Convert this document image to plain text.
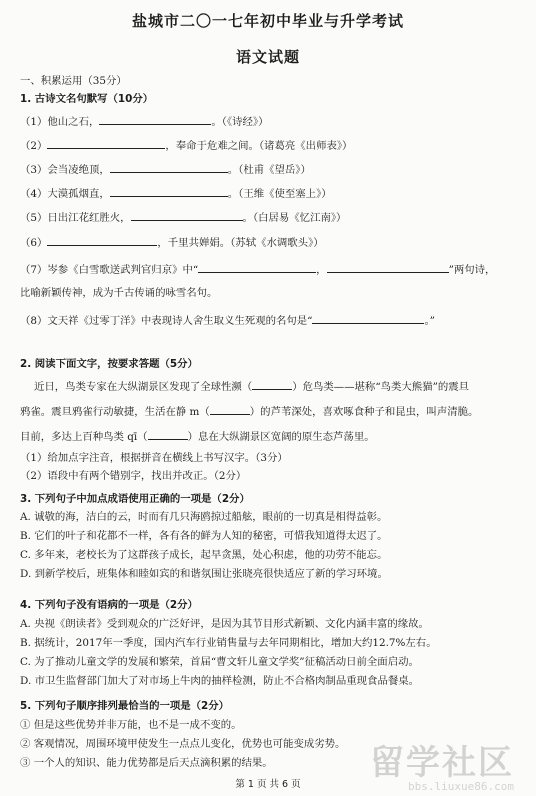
盐城市二〇一七年初中毕业与升学考试
语文试题
一、积累运用（35分）
1. 古诗文名句默写（10分）
（1）他山之石，	。（《诗经》）
（2）	，奉命于危难之间。（诸葛亮《出师表》）
（3）会当凌绝顶，	。（杜甫《望岳》）
（4）大漠孤烟直，	。（王维《使至塞上》）
（5）日出江花红胜火，	。（白居易《忆江南》）
（6）	，千里共婵娟。（苏轼《水调歌头》）
（7）岑参《白雪歌送武判官归京》中“	，	”两句诗，
比喻新颖传神，成为千古传诵的咏雪名句。
（8）文天祥《过零丁洋》中表现诗人舍生取义生死观的名句是“	。”
2. 阅读下面文字，按要求答题（5分）
近日，鸟类专家在大纵湖景区发现了全球性濒（	）危鸟类——堪称“鸟类大熊猫”的震旦
鸦雀。震旦鸦雀行动敏捷，生活在静 m（	）的芦苇深处，喜欢啄食种子和昆虫，叫声清脆。
目前，多达上百种鸟类 qī（	）息在大纵湖景区宽阔的原生态芦荡里。
（1）给加点字注音，根据拼音在横线上书写汉字。（3分）
（2）语段中有两个错别字，找出并改正。（2分）
3. 下列句子中加点成语使用正确的一项是（2分）
A. 诚敬的海，洁白的云，时而有几只海鸥掠过船舷，眼前的一切真是相得益彰。
B. 它们的叶子和花都不一样，各有各的鲜为人知的秘密，可惜我知道得太迟了。
C. 多年来，老校长为了这群孩子成长，起早贪黑，处心积虑，他的功劳不能忘。
D. 到新学校后，班集体和睦如宾的和谐氛围让张晓亮很快适应了新的学习环境。
4. 下列句子没有语病的一项是（2分）
A. 央视《朗读者》受到观众的广泛好评，是因为其节目形式新颖、文化内涵丰富的缘故。
B. 据统计，2017年一季度，国内汽车行业销售量与去年同期相比，增加大约12.7%左右。
C. 为了推动儿童文学的发展和繁荣，首届“曹文轩儿童文学奖”征稿活动日前全面启动。
D. 市卫生监督部门加大了对市场上牛肉的抽样检测，防止不合格肉制品重现食品餐桌。
5. 下列句子顺序排列最恰当的一项是（2分）
① 但是这些优势并非万能，也不是一成不变的。
② 客观情况，周围环境甲使发生一点点儿变化，优势也可能变成劣势。
③ 一个人的知识、能力优势都是后天点滴积累的结果。
第 1 页 共 6 页
留学社区
bbs.liuxue86.com
